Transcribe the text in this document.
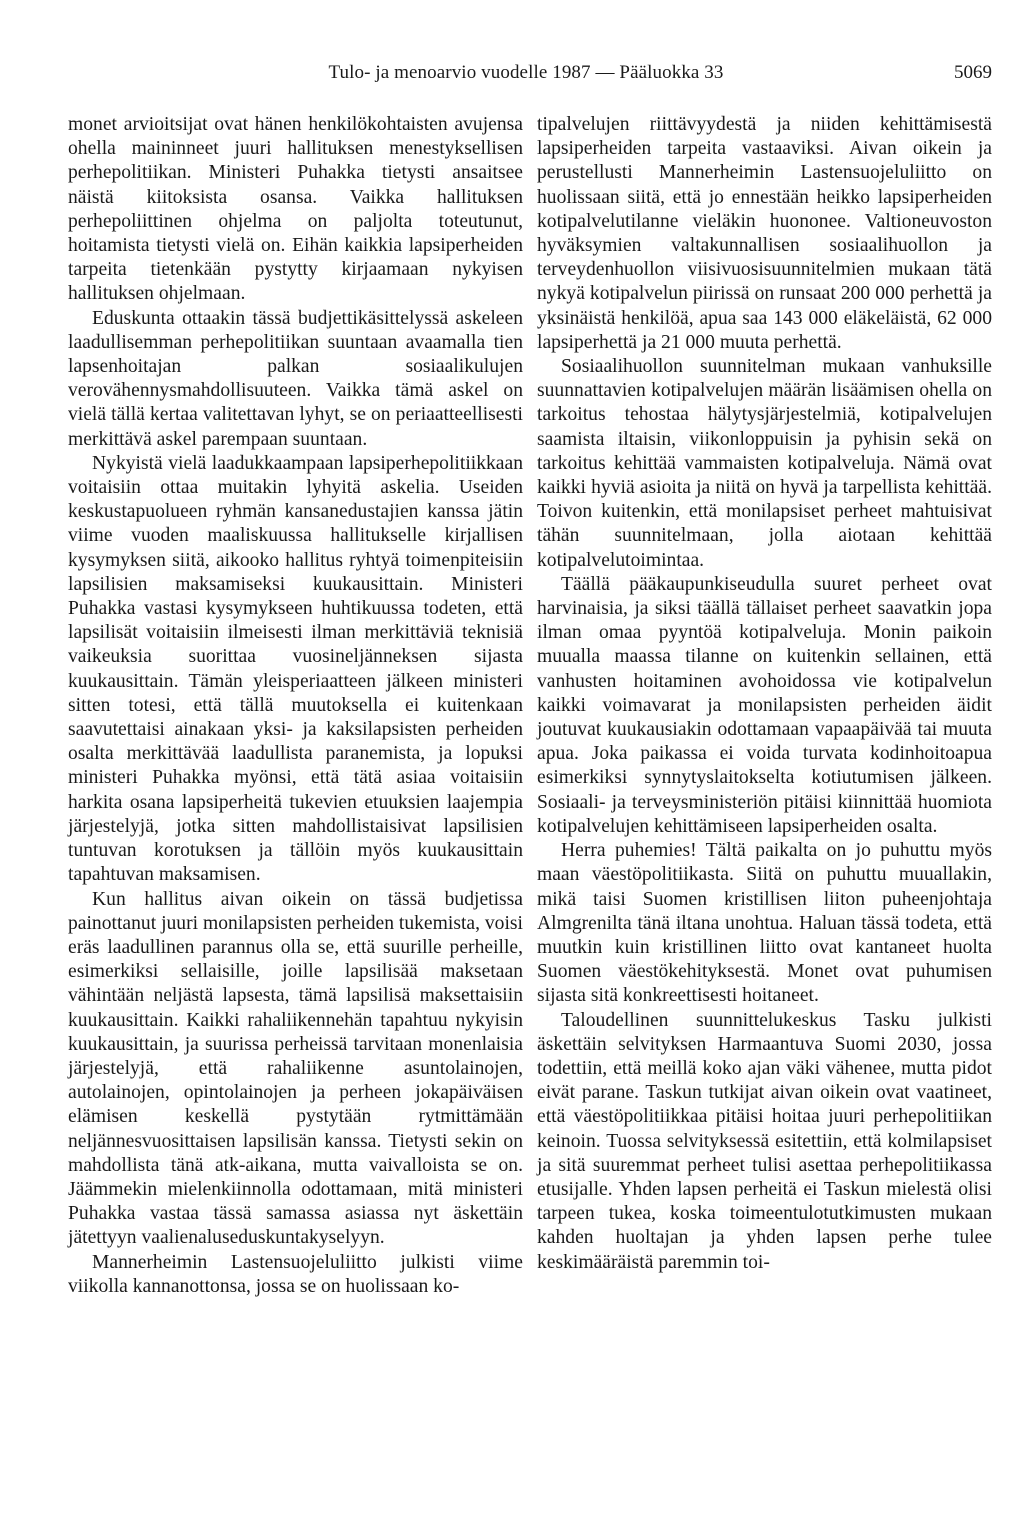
Tulo- ja menoarvio vuodelle 1987 — Pääluokka 33	5069

monet arvioitsijat ovat hänen henkilökohtaisten avujensa ohella maininneet juuri hallituksen menestyksellisen perhepolitiikan. Ministeri Puhakka tietysti ansaitsee näistä kiitoksista osansa. Vaikka hallituksen perhepoliittinen ohjelma on paljolta toteutunut, hoitamista tietysti vielä on. Eihän kaikkia lapsiperheiden tarpeita tietenkään pystytty kirjaamaan nykyisen hallituksen ohjelmaan.

Eduskunta ottaakin tässä budjettikäsittelyssä askeleen laadullisemman perhepolitiikan suuntaan avaamalla tien lapsenhoitajan palkan sosiaalikulujen verovähennysmahdollisuuteen. Vaikka tämä askel on vielä tällä kertaa valitettavan lyhyt, se on periaatteellisesti merkittävä askel parempaan suuntaan.

Nykyistä vielä laadukkaampaan lapsiperhepolitiikkaan voitaisiin ottaa muitakin lyhyitä askelia. Useiden keskustapuolueen ryhmän kansanedustajien kanssa jätin viime vuoden maaliskuussa hallitukselle kirjallisen kysymyksen siitä, aikooko hallitus ryhtyä toimenpiteisiin lapsilisien maksamiseksi kuukausittain. Ministeri Puhakka vastasi kysymykseen huhtikuussa todeten, että lapsilisät voitaisiin ilmeisesti ilman merkittäviä teknisiä vaikeuksia suorittaa vuosineljänneksen sijasta kuukausittain. Tämän yleisperiaatteen jälkeen ministeri sitten totesi, että tällä muutoksella ei kuitenkaan saavutettaisi ainakaan yksi- ja kaksilapsisten perheiden osalta merkittävää laadullista paranemista, ja lopuksi ministeri Puhakka myönsi, että tätä asiaa voitaisiin harkita osana lapsiperheitä tukevien etuuksien laajempia järjestelyjä, jotka sitten mahdollistaisivat lapsilisien tuntuvan korotuksen ja tällöin myös kuukausittain tapahtuvan maksamisen.

Kun hallitus aivan oikein on tässä budjetissa painottanut juuri monilapsisten perheiden tukemista, voisi eräs laadullinen parannus olla se, että suurille perheille, esimerkiksi sellaisille, joille lapsilisää maksetaan vähintään neljästä lapsesta, tämä lapsilisä maksettaisiin kuukausittain. Kaikki rahaliikennehän tapahtuu nykyisin kuukausittain, ja suurissa perheissä tarvitaan monenlaisia järjestelyjä, että rahaliikenne asuntolainojen, autolainojen, opintolainojen ja perheen jokapäiväisen elämisen keskellä pystytään rytmittämään neljännesvuosittaisen lapsilisän kanssa. Tietysti sekin on mahdollista tänä atk-aikana, mutta vaivalloista se on. Jäämmekin mielenkiinnolla odottamaan, mitä ministeri Puhakka vastaa tässä samassa asiassa nyt äskettäin jätettyyn vaalienaluseduskuntakyselyyn.

Mannerheimin Lastensuojeluliitto julkisti viime viikolla kannanottonsa, jossa se on huolissaan ko-

tipalvelujen riittävyydestä ja niiden kehittämisestä lapsiperheiden tarpeita vastaaviksi. Aivan oikein ja perustellusti Mannerheimin Lastensuojeluliitto on huolissaan siitä, että jo ennestään heikko lapsiperheiden kotipalvelutilanne vieläkin huononee. Valtioneuvoston hyväksymien valtakunnallisen sosiaalihuollon ja terveydenhuollon viisivuosisuunnitelmien mukaan tätä nykyä kotipalvelun piirissä on runsaat 200 000 perhettä ja yksinäistä henkilöä, apua saa 143 000 eläkeläistä, 62 000 lapsiperhettä ja 21 000 muuta perhettä.

Sosiaalihuollon suunnitelman mukaan vanhuksille suunnattavien kotipalvelujen määrän lisäämisen ohella on tarkoitus tehostaa hälytysjärjestelmiä, kotipalvelujen saamista iltaisin, viikonloppuisin ja pyhisin sekä on tarkoitus kehittää vammaisten kotipalveluja. Nämä ovat kaikki hyviä asioita ja niitä on hyvä ja tarpellista kehittää. Toivon kuitenkin, että monilapsiset perheet mahtuisivat tähän suunnitelmaan, jolla aiotaan kehittää kotipalvelutoimintaa.

Täällä pääkaupunkiseudulla suuret perheet ovat harvinaisia, ja siksi täällä tällaiset perheet saavatkin jopa ilman omaa pyyntöä kotipalveluja. Monin paikoin muualla maassa tilanne on kuitenkin sellainen, että vanhusten hoitaminen avohoidossa vie kotipalvelun kaikki voimavarat ja monilapsisten perheiden äidit joutuvat kuukausiakin odottamaan vapaapäivää tai muuta apua. Joka paikassa ei voida turvata kodinhoitoapua esimerkiksi synnytyslaitokselta kotiutumisen jälkeen. Sosiaali- ja terveysministeriön pitäisi kiinnittää huomiota kotipalvelujen kehittämiseen lapsiperheiden osalta.

Herra puhemies! Tältä paikalta on jo puhuttu myös maan väestöpolitiikasta. Siitä on puhuttu muuallakin, mikä taisi Suomen kristillisen liiton puheenjohtaja Almgrenilta tänä iltana unohtua. Haluan tässä todeta, että muutkin kuin kristillinen liitto ovat kantaneet huolta Suomen väestökehityksestä. Monet ovat puhumisen sijasta sitä konkreettisesti hoitaneet.

Taloudellinen suunnittelukeskus Tasku julkisti äskettäin selvityksen Harmaantuva Suomi 2030, jossa todettiin, että meillä koko ajan väki vähenee, mutta pidot eivät parane. Taskun tutkijat aivan oikein ovat vaatineet, että väestöpolitiikkaa pitäisi hoitaa juuri perhepolitiikan keinoin. Tuossa selvityksessä esitettiin, että kolmilapsiset ja sitä suuremmat perheet tulisi asettaa perhepolitiikassa etusijalle. Yhden lapsen perheitä ei Taskun mielestä olisi tarpeen tukea, koska toimeentulotutkimusten mukaan kahden huoltajan ja yhden lapsen perhe tulee keskimääräistä paremmin toi-
